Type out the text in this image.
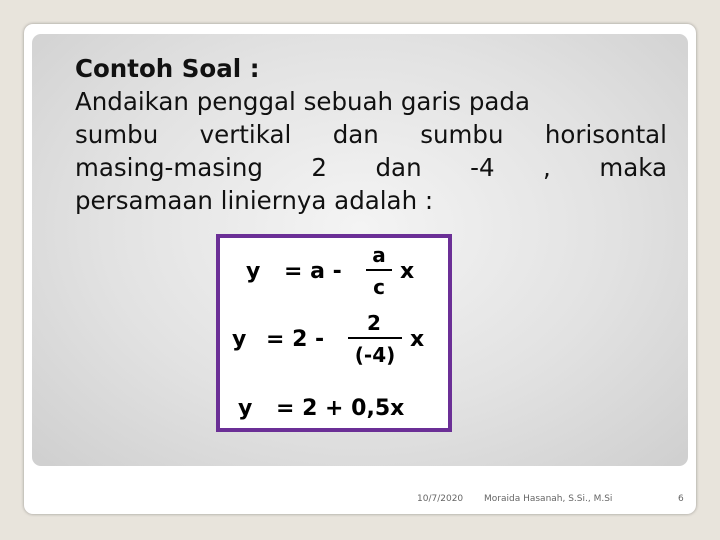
Contoh Soal :
Andaikan penggal sebuah garis pada
sumbu vertikal dan sumbu horisontal
masing-masing 2 dan -4 , maka
persamaan liniernya adalah :
y = a -
a
c
x
y = 2 -
2
(-4)
x
y = 2 + 0,5x
10/7/2020 Moraida Hasanah, S.Si., M.Si	6
